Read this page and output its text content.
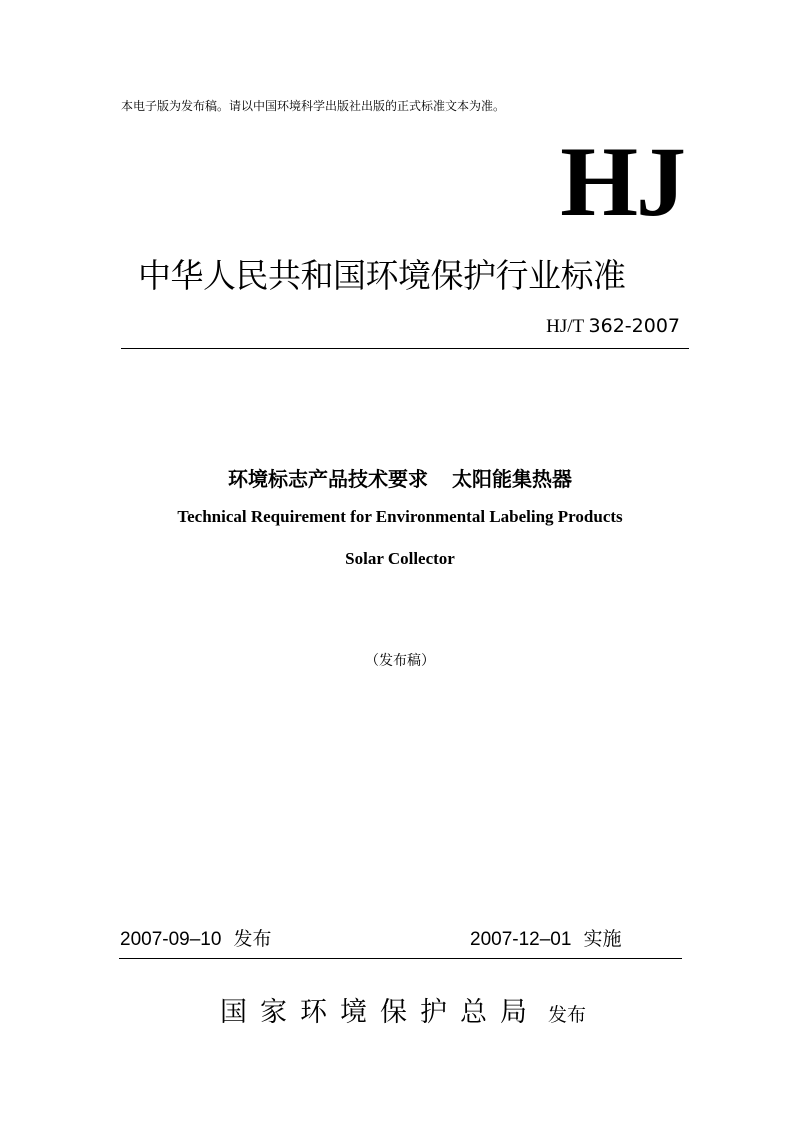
本电子版为发布稿。请以中国环境科学出版社出版的正式标准文本为准。
HJ
中华人民共和国环境保护行业标准
HJ/T 362-2007
环境标志产品技术要求 太阳能集热器
Technical Requirement for Environmental Labeling Products
Solar Collector
（发布稿）
2007-09–10 发布	2007-12–01 实施
国家环境保护总局 发布
